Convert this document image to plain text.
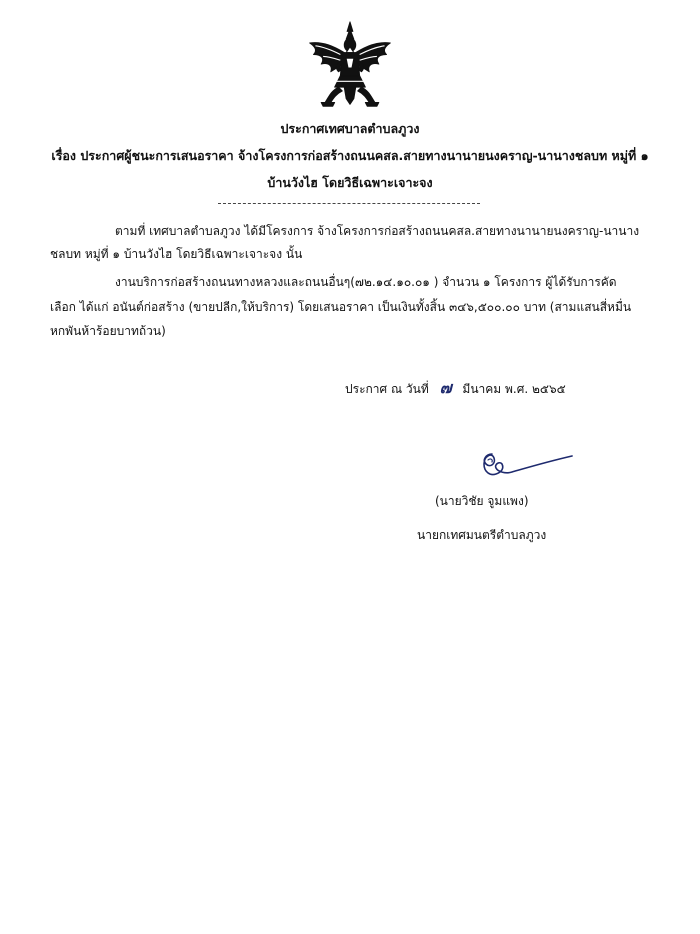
ประกาศเทศบาลตำบลภูวง
เรื่อง ประกาศผู้ชนะการเสนอราคา จ้างโครงการก่อสร้างถนนคสล.สายทางนานายนงคราญ-นานางชลบท หมู่ที่ ๑
บ้านวังไฮ โดยวิธีเฉพาะเจาะจง
ตามที่ เทศบาลตำบลภูวง ได้มีโครงการ จ้างโครงการก่อสร้างถนนคสล.สายทางนานายนงคราญ-นานาง
ชลบท หมู่ที่ ๑ บ้านวังไฮ โดยวิธีเฉพาะเจาะจง นั้น
งานบริการก่อสร้างถนนทางหลวงและถนนอื่นๆ(๗๒.๑๔.๑๐.๐๑ ) จำนวน ๑ โครงการ ผู้ได้รับการคัด
เลือก ได้แก่ อนันต์ก่อสร้าง (ขายปลีก,ให้บริการ) โดยเสนอราคา เป็นเงินทั้งสิ้น ๓๔๖,๕๐๐.๐๐ บาท (สามแสนสี่หมื่น
หกพันห้าร้อยบาทถ้วน)
ประกาศ ณ วันที่ ๗ มีนาคม พ.ศ. ๒๕๖๕
(นายวิชัย จูมแพง)
นายกเทศมนตรีตำบลภูวง
